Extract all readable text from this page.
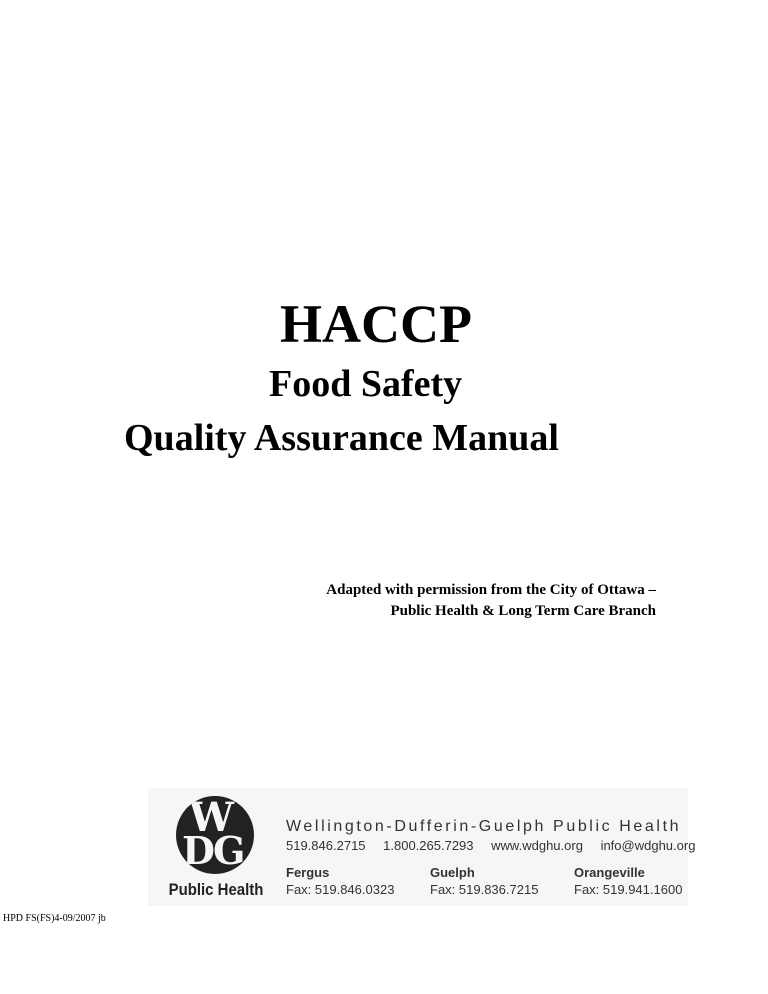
HACCP
Food Safety
Quality Assurance Manual
Adapted with permission from the City of Ottawa –
Public Health & Long Term Care Branch
W
DG
Public Health
Wellington-Dufferin-Guelph Public Health
519.846.2715 1.800.265.7293 www.wdghu.org info@wdghu.org
Fergus
Fax: 519.846.0323
Guelph
Fax: 519.836.7215
Orangeville
Fax: 519.941.1600
HPD FS(FS)4-09/2007 jb
